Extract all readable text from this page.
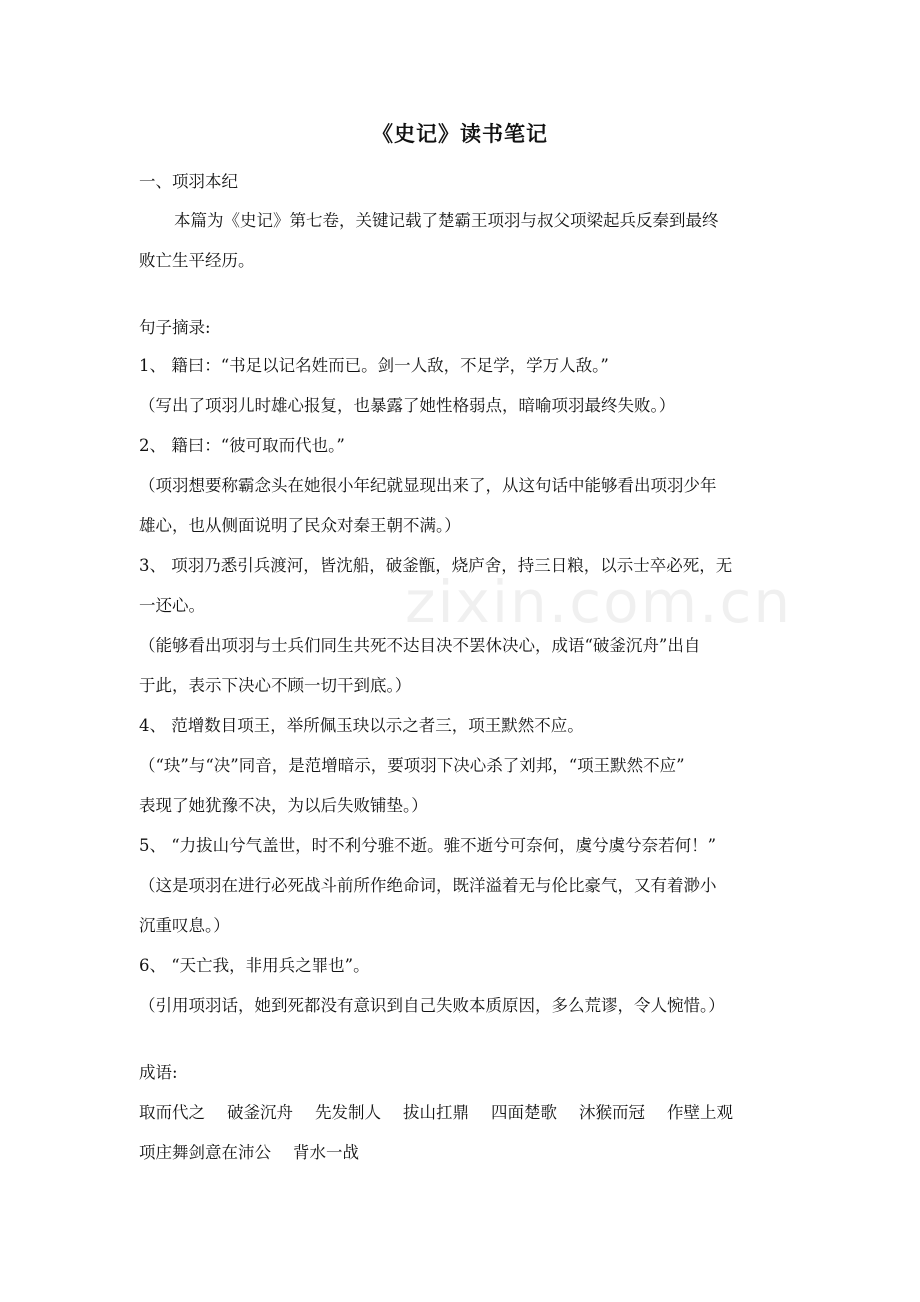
zixin.com.cn
《史记》读书笔记
一、项羽本纪
本篇为《史记》第七卷，关键记载了楚霸王项羽与叔父项梁起兵反秦到最终
败亡生平经历。
句子摘录:
1、 籍曰：“书足以记名姓而已。剑一人敌，不足学，学万人敌。”
（写出了项羽儿时雄心报复，也暴露了她性格弱点，暗喻项羽最终失败。）
2、 籍曰：“彼可取而代也。”
（项羽想要称霸念头在她很小年纪就显现出来了，从这句话中能够看出项羽少年
雄心，也从侧面说明了民众对秦王朝不满。）
3、 项羽乃悉引兵渡河，皆沈船，破釜甑，烧庐舍，持三日粮，以示士卒必死，无
一还心。
（能够看出项羽与士兵们同生共死不达目决不罢休决心，成语“破釜沉舟”出自
于此，表示下决心不顾一切干到底。）
4、 范增数目项王，举所佩玉玦以示之者三，项王默然不应。
（“玦”与“决”同音，是范增暗示，要项羽下决心杀了刘邦，“项王默然不应”
表现了她犹豫不决，为以后失败铺垫。）
5、 “力拔山兮气盖世，时不利兮骓不逝。骓不逝兮可奈何，虞兮虞兮奈若何！”
（这是项羽在进行必死战斗前所作绝命词，既洋溢着无与伦比豪气，又有着渺小
沉重叹息。）
6、 “天亡我，非用兵之罪也”。
（引用项羽话，她到死都没有意识到自己失败本质原因，多么荒谬，令人惋惜。）
成语:
取而代之 破釜沉舟 先发制人 拔山扛鼎 四面楚歌 沐猴而冠 作壁上观
项庄舞剑意在沛公 背水一战
